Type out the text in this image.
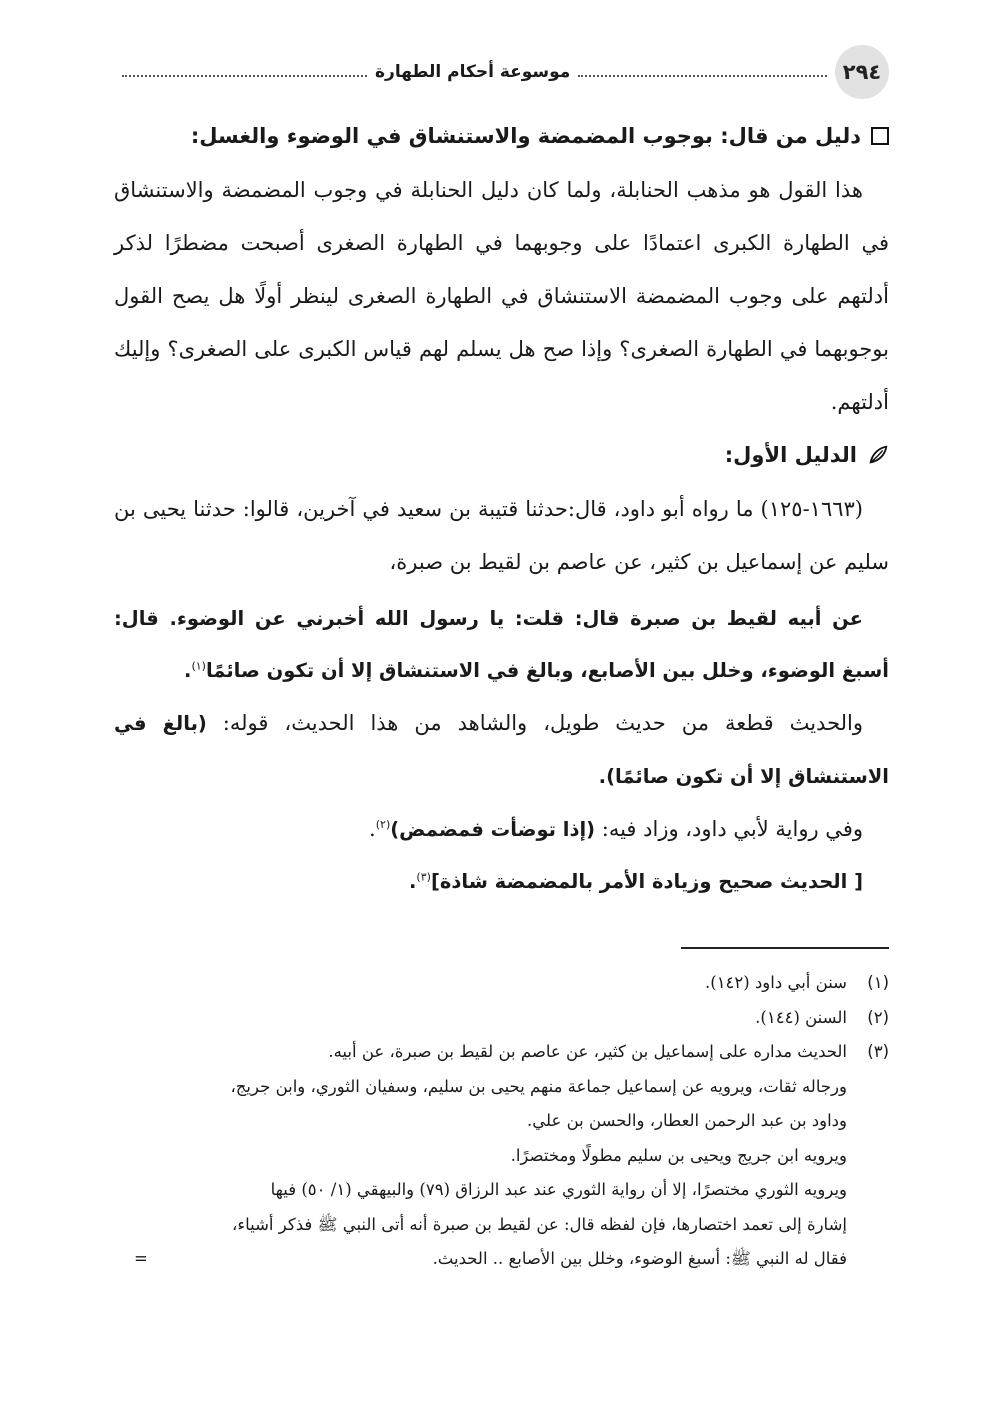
٢٩٤
موسوعة أحكام الطهارة
دليل من قال: بوجوب المضمضة والاستنشاق في الوضوء والغسل:

هذا القول هو مذهب الحنابلة، ولما كان دليل الحنابلة في وجوب المضمضة والاستنشاق في الطهارة الكبرى اعتمادًا على وجوبهما في الطهارة الصغرى أصبحت مضطرًا لذكر أدلتهم على وجوب المضمضة الاستنشاق في الطهارة الصغرى لينظر أولًا هل يصح القول بوجوبهما في الطهارة الصغرى؟ وإذا صح هل يسلم لهم قياس الكبرى على الصغرى؟ وإليك أدلتهم.

الدليل الأول:

(١٦٦٣-١٢٥) ما رواه أبو داود، قال:حدثنا قتيبة بن سعيد في آخرين، قالوا: حدثنا يحيى بن سليم عن إسماعيل بن كثير، عن عاصم بن لقيط بن صبرة،

عن أبيه لقيط بن صبرة قال: قلت: يا رسول الله أخبرني عن الوضوء. قال: أسبغ الوضوء، وخلل بين الأصابع، وبالغ في الاستنشاق إلا أن تكون صائمًا$^{(١)}$.

والحديث قطعة من حديث طويل، والشاهد من هذا الحديث، قوله: (بالغ في الاستنشاق إلا أن تكون صائمًا).

وفي رواية لأبي داود، وزاد فيه: (إذا توضأت فمضمض)$^{(٢)}$.

[ الحديث صحيح وزيادة الأمر بالمضمضة شاذة]$^{(٣)}$.

(١)
سنن أبي داود (١٤٢).
(٢)
السنن (١٤٤).
(٣)
الحديث مداره على إسماعيل بن كثير، عن عاصم بن لقيط بن صبرة، عن أبيه.

ورجاله ثقات، ويرويه عن إسماعيل جماعة منهم يحيى بن سليم، وسفيان الثوري، وابن جريج،

وداود بن عبد الرحمن العطار، والحسن بن علي.

ويرويه ابن جريج ويحيى بن سليم مطولًا ومختصرًا.

ويرويه الثوري مختصرًا، إلا أن رواية الثوري عند عبد الرزاق (٧٩) والبيهقي (١/ ٥٠) فيها

إشارة إلى تعمد اختصارها، فإن لفظه قال: عن لقيط بن صبرة أنه أتى النبي ﷺ فذكر أشياء،

فقال له النبي ﷺ: أسبغ الوضوء، وخلل بين الأصابع .. الحديث.
=
